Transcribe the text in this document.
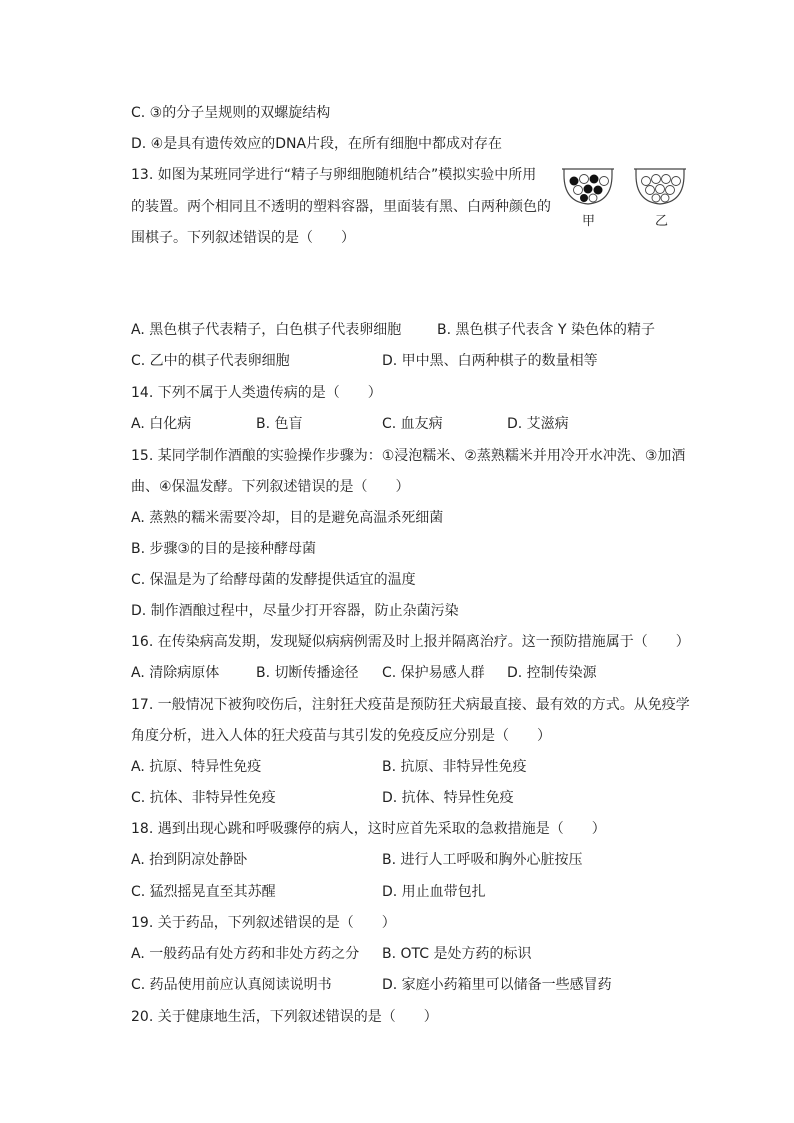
C. ③的分子呈规则的双螺旋结构
D. ④是具有遗传效应的DNA片段，在所有细胞中都成对存在
13. 如图为某班同学进行“精子与卵细胞随机结合”模拟实验中所用
的装置。两个相同且不透明的塑料容器，里面装有黑、白两种颜色的
围棋子。下列叙述错误的是（　　）
甲	乙
A. 黑色棋子代表精子，白色棋子代表卵细胞	B. 黑色棋子代表含 Y 染色体的精子
C. 乙中的棋子代表卵细胞	D. 甲中黑、白两种棋子的数量相等
14. 下列不属于人类遗传病的是（　　）
A. 白化病	B. 色盲	C. 血友病	D. 艾滋病
15. 某同学制作酒酿的实验操作步骤为：①浸泡糯米、②蒸熟糯米并用冷开水冲洗、③加酒
曲、④保温发酵。下列叙述错误的是（　　）
A. 蒸熟的糯米需要冷却，目的是避免高温杀死细菌
B. 步骤③的目的是接种酵母菌
C. 保温是为了给酵母菌的发酵提供适宜的温度
D. 制作酒酿过程中，尽量少打开容器，防止杂菌污染
16. 在传染病高发期，发现疑似病病例需及时上报并隔离治疗。这一预防措施属于（　　）
A. 清除病原体	B. 切断传播途径 C. 保护易感人群 D. 控制传染源
17. 一般情况下被狗咬伤后，注射狂犬疫苗是预防狂犬病最直接、最有效的方式。从免疫学
角度分析，进入人体的狂犬疫苗与其引发的免疫反应分别是（　　）
A. 抗原、特异性免疫	B. 抗原、非特异性免疫
C. 抗体、非特异性免疫	D. 抗体、特异性免疫
18. 遇到出现心跳和呼吸骤停的病人，这时应首先采取的急救措施是（　　）
A. 抬到阴凉处静卧	B. 进行人工呼吸和胸外心脏按压
C. 猛烈摇晃直至其苏醒	D. 用止血带包扎
19. 关于药品，下列叙述错误的是（　　）
A. 一般药品有处方药和非处方药之分 B. OTC 是处方药的标识
C. 药品使用前应认真阅读说明书	D. 家庭小药箱里可以储备一些感冒药
20. 关于健康地生活，下列叙述错误的是（　　）
